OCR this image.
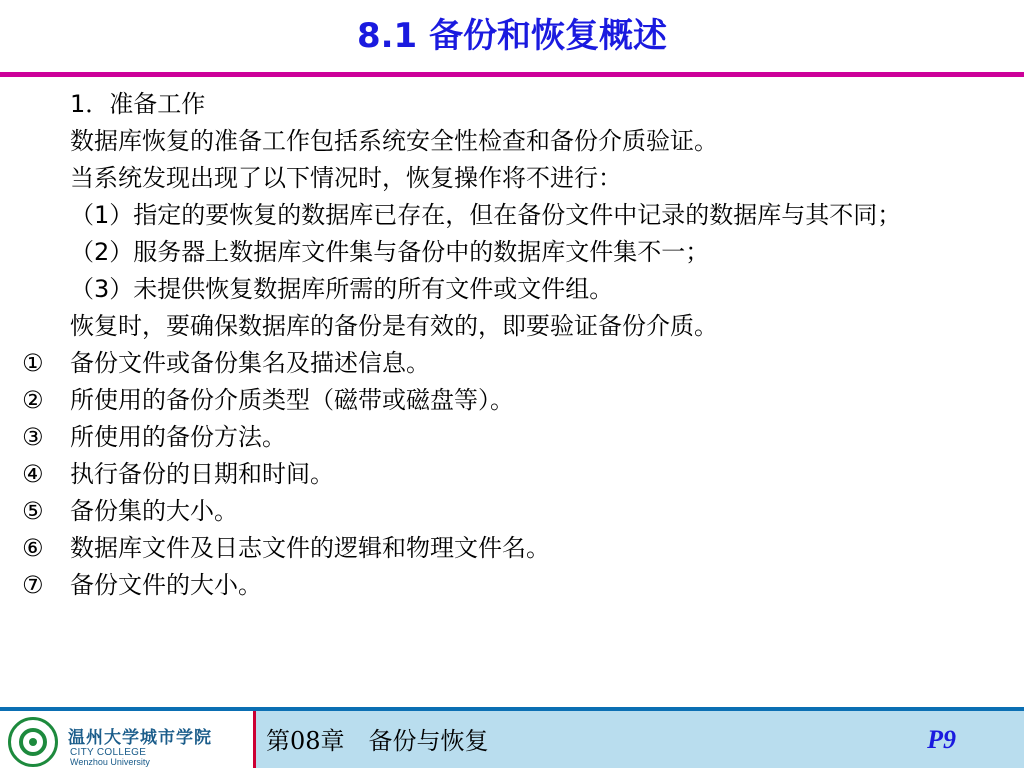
8.1 备份和恢复概述

1．准备工作

数据库恢复的准备工作包括系统安全性检查和备份介质验证。

当系统发现出现了以下情况时，恢复操作将不进行：

（1）指定的要恢复的数据库已存在，但在备份文件中记录的数据库与其不同；

（2）服务器上数据库文件集与备份中的数据库文件集不一；

（3）未提供恢复数据库所需的所有文件或文件组。

恢复时，要确保数据库的备份是有效的，即要验证备份介质。

① 备份文件或备份集名及描述信息。

② 所使用的备份介质类型（磁带或磁盘等）。

③ 所使用的备份方法。

④ 执行备份的日期和时间。

⑤ 备份集的大小。

⑥ 数据库文件及日志文件的逻辑和物理文件名。

⑦ 备份文件的大小。

温州大学城市学院
CITY COLLEGE
Wenzhou University
第08章　备份与恢复	P9
